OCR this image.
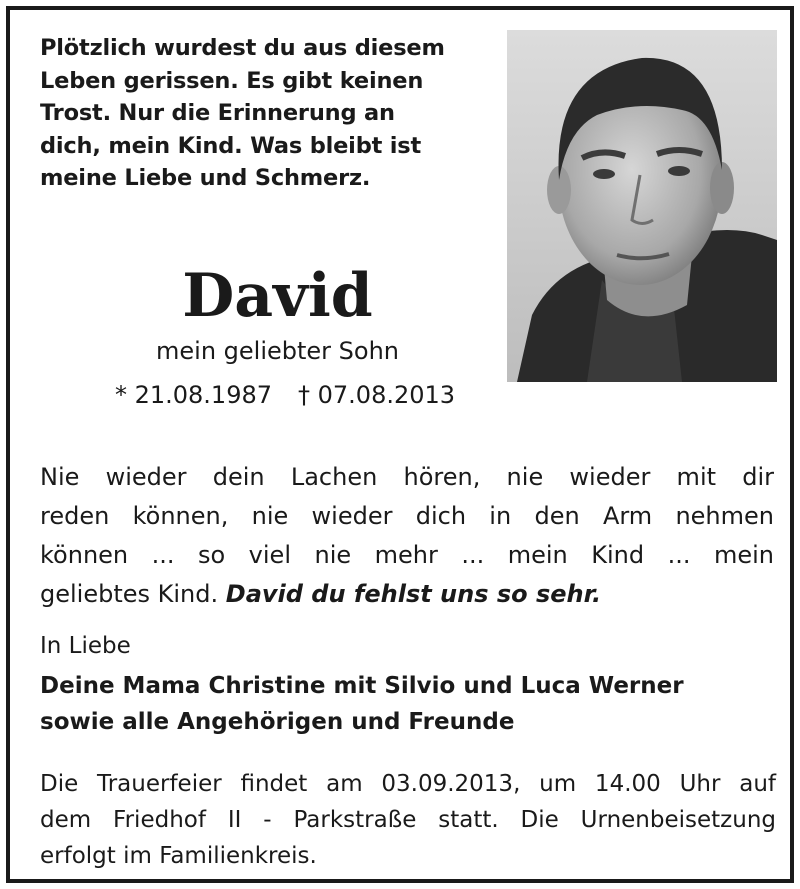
Plötzlich wurdest du aus diesem
Leben gerissen. Es gibt keinen
Trost. Nur die Erinnerung an
dich, mein Kind. Was bleibt ist
meine Liebe und Schmerz.

David
mein geliebter Sohn
* 21.08.1987 † 07.08.2013

Nie wieder dein Lachen hören, nie wieder mit dir
reden können, nie wieder dich in den Arm nehmen
können ... so viel nie mehr ... mein Kind ... mein
geliebtes Kind. David du fehlst uns so sehr.

In Liebe
Deine Mama Christine mit Silvio und Luca Werner
sowie alle Angehörigen und Freunde
Die Trauerfeier findet am 03.09.2013, um 14.00 Uhr auf
dem Friedhof II - Parkstraße statt. Die Urnenbeisetzung
erfolgt im Familienkreis.
